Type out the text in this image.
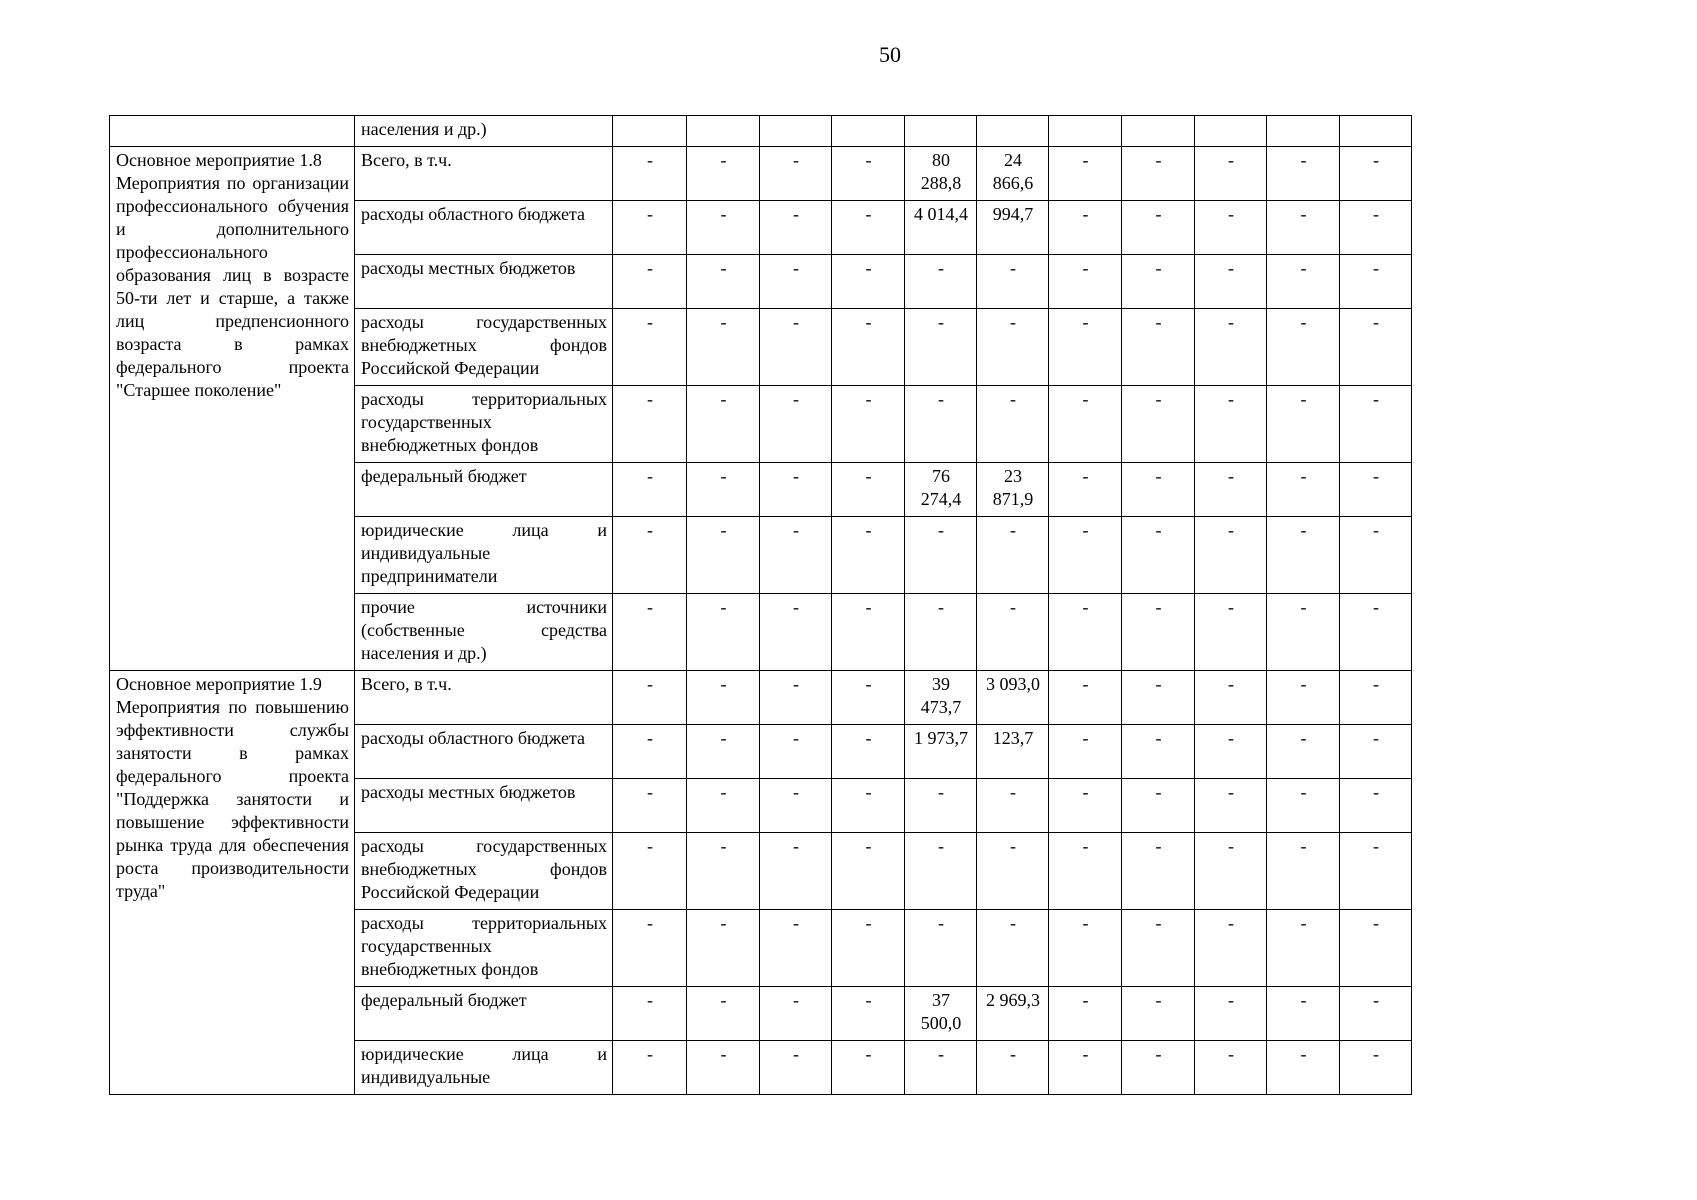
50
	населения и др.)											
Основное мероприятие 1.8
Мероприятия по организации профессионального обучения и дополнительного профессионального образования лиц в возрасте 50-ти лет и старше, а также лиц предпенсионного возраста в рамках федерального проекта "Старшее поколение"	Всего, в т.ч.	-	-	-	-	80 288,8	24 866,6	-	-	-	-	-
	расходы областного бюджета	-	-	-	-	4 014,4	994,7	-	-	-	-	-
	расходы местных бюджетов	-	-	-	-	-	-	-	-	-	-	-
	расходы государственных внебюджетных фондов Российской Федерации	-	-	-	-	-	-	-	-	-	-	-
	расходы территориальных государственных внебюджетных фондов	-	-	-	-	-	-	-	-	-	-	-
	федеральный бюджет	-	-	-	-	76 274,4	23 871,9	-	-	-	-	-
	юридические лица и индивидуальные предприниматели	-	-	-	-	-	-	-	-	-	-	-
	прочие источники (собственные средства населения и др.)	-	-	-	-	-	-	-	-	-	-	-
Основное мероприятие 1.9
Мероприятия по повышению эффективности службы занятости в рамках федерального проекта "Поддержка занятости и повышение эффективности рынка труда для обеспечения роста производительности труда"	Всего, в т.ч.	-	-	-	-	39 473,7	3 093,0	-	-	-	-	-
	расходы областного бюджета	-	-	-	-	1 973,7	123,7	-	-	-	-	-
	расходы местных бюджетов	-	-	-	-	-	-	-	-	-	-	-
	расходы государственных внебюджетных фондов Российской Федерации	-	-	-	-	-	-	-	-	-	-	-
	расходы территориальных государственных внебюджетных фондов	-	-	-	-	-	-	-	-	-	-	-
	федеральный бюджет	-	-	-	-	37 500,0	2 969,3	-	-	-	-	-
	юридические лица и индивидуальные	-	-	-	-	-	-	-	-	-	-	-
